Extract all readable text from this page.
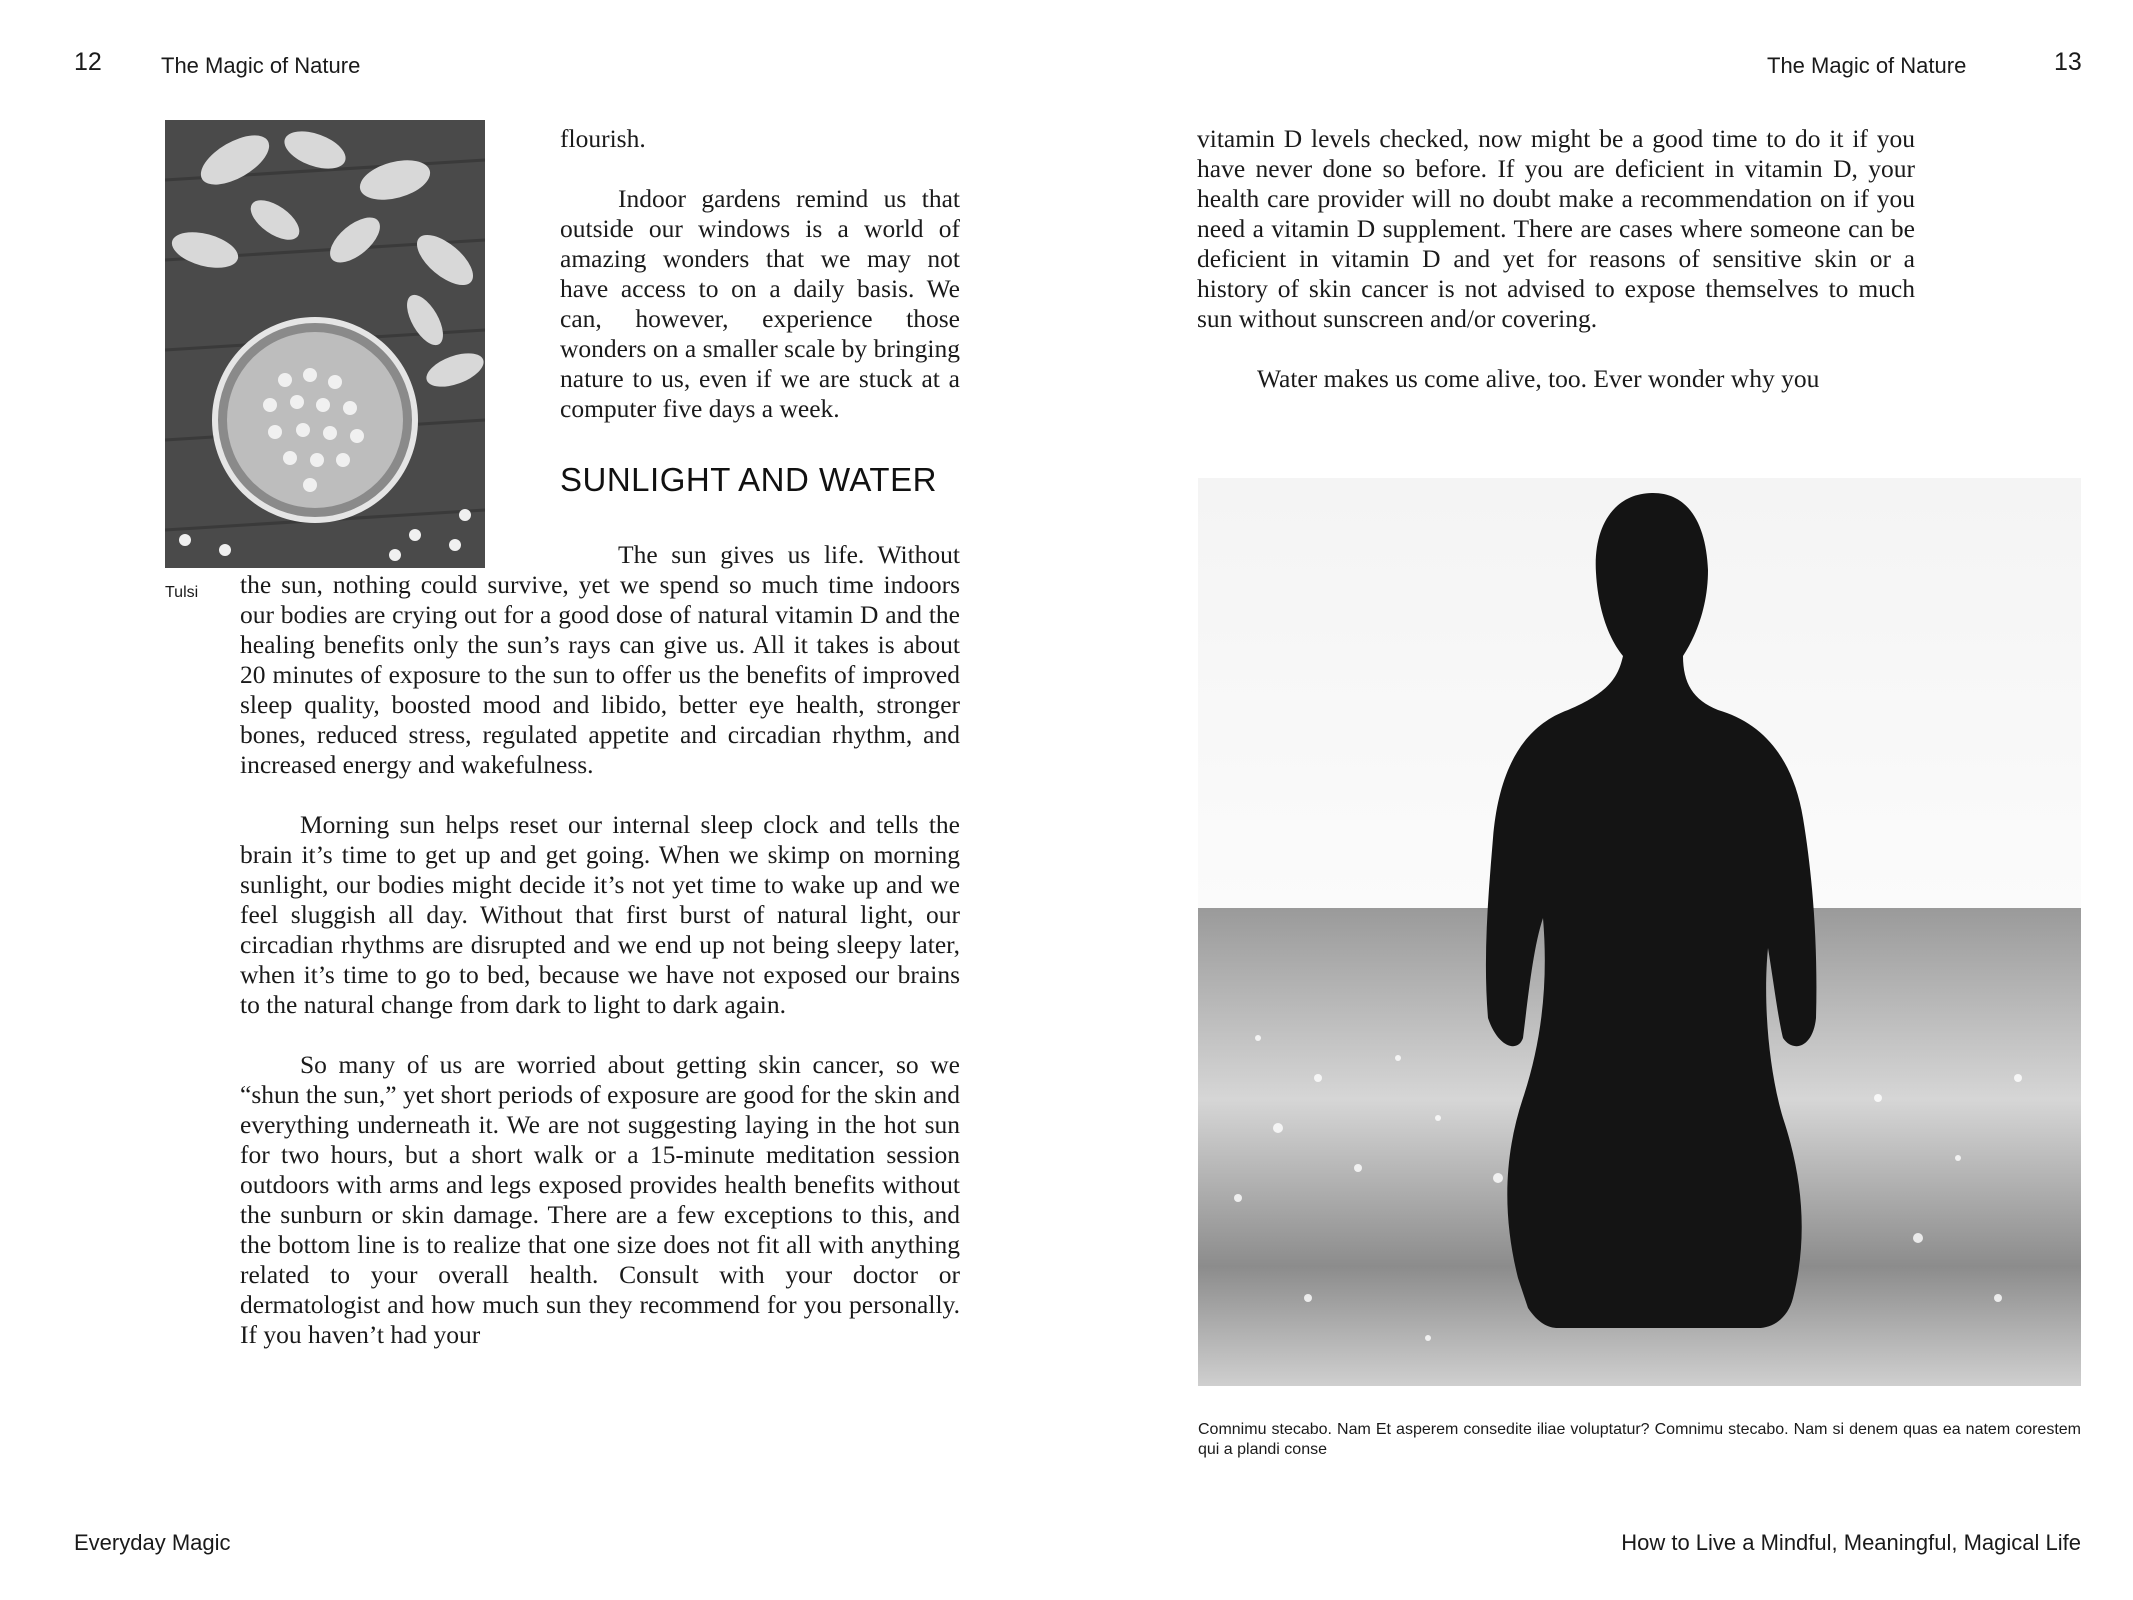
12	The Magic of Nature
Tulsi

flourish.

Indoor gardens remind us that outside our windows is a world of amazing wonders that we may not have access to on a daily basis. We can, however, experience those wonders on a smaller scale by bringing nature to us, even if we are stuck at a computer five days a week.

SUNLIGHT AND WATER

The sun gives us life. Without the sun, nothing could survive, yet we spend so much time indoors our bodies are crying out for a good dose of natural vitamin D and the healing benefits only the sun’s rays can give us. All it takes is about 20 minutes of exposure to the sun to offer us the benefits of improved sleep quality, boosted mood and libido, better eye health, stronger bones, reduced stress, regulated appetite and circadian rhythm, and increased energy and wakefulness.

Morning sun helps reset our internal sleep clock and tells the brain it’s time to get up and get going. When we skimp on morning sunlight, our bodies might decide it’s not yet time to wake up and we feel sluggish all day. Without that first burst of natural light, our circadian rhythms are disrupted and we end up not being sleepy later, when it’s time to go to bed, because we have not exposed our brains to the natural change from dark to light to dark again.

So many of us are worried about getting skin cancer, so we “shun the sun,” yet short periods of exposure are good for the skin and everything underneath it. We are not suggesting laying in the hot sun for two hours, but a short walk or a 15-minute meditation session outdoors with arms and legs exposed provides health benefits without the sunburn or skin damage. There are a few exceptions to this, and the bottom line is to realize that one size does not fit all with anything related to your overall health. Consult with your doctor or dermatologist and how much sun they recommend for you personally. If you haven’t had your

Everyday Magic
The Magic of Nature	13

vitamin D levels checked, now might be a good time to do it if you have never done so before. If you are deficient in vitamin D, your health care provider will no doubt make a recommendation on if you need a vitamin D supplement. There are cases where someone can be deficient in vitamin D and yet for reasons of sensitive skin or a history of skin cancer is not advised to expose themselves to much sun without sunscreen and/or covering.

Water makes us come alive, too. Ever wonder why you

Comnimu stecabo. Nam Et asperem consedite iliae voluptatur? Comnimu stecabo. Nam si denem quas ea natem corestem qui a plandi conse
How to Live a Mindful, Meaningful, Magical Life
